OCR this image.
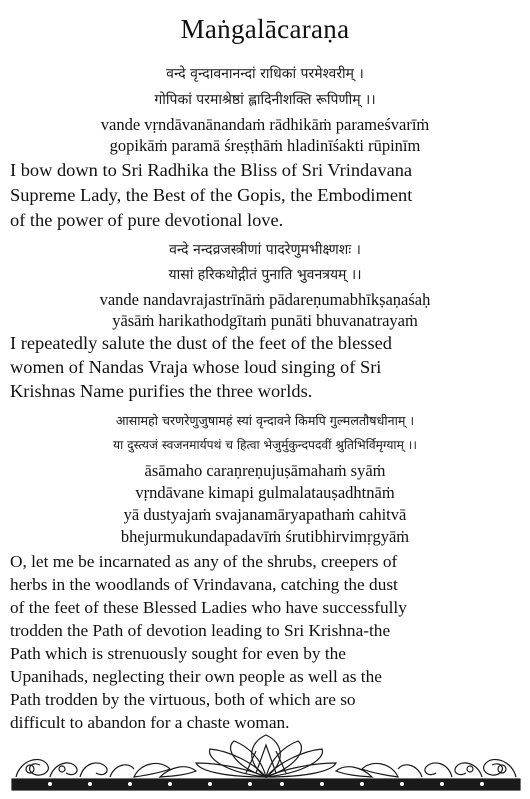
Maṅgalācaraṇa
वन्दे वृन्दावनानन्दां राधिकां परमेश्वरीम् ।
गोपिकां परमाश्रेष्ठां ह्लादिनीशक्ति रूपिणीम् ।।
vande vṛndāvanānandaṁ rādhikāṁ parameśvarīṁ
gopikāṁ paramā śreṣṭhāṁ hladinīśakti rūpinīm
I bow down to Sri Radhika the Bliss of Sri Vrindavana
Supreme Lady, the Best of the Gopis, the Embodiment
of the power of pure devotional love.
वन्दे नन्दव्रजस्त्रीणां पादरेणुमभीक्ष्णशः ।
यासां हरिकथोद्गीतं पुनाति भुवनत्रयम् ।।
vande nandavrajastrīnāṁ pādareṇumabhīkṣaṇaśaḥ
yāsāṁ harikathodgītaṁ punāti bhuvanatrayaṁ
I repeatedly salute the dust of the feet of the blessed
women of Nandas Vraja whose loud singing of Sri
Krishnas Name purifies the three worlds.
आसामहो चरणरेणुजुषामहं स्यां वृन्दावने किमपि गुल्मलतौषधीनाम् ।
या दुस्त्यजं स्वजनमार्यपथं च हित्वा भेजुर्मुकुन्दपदवीं श्रुतिभिर्विमृग्याम् ।।
āsāmaho caraṇreṇujuṣāmahaṁ syāṁ
vṛndāvane kimapi gulmalatauṣadhtnāṁ
yā dustyajaṁ svajanamāryapathaṁ cahitvā
bhejurmukundapadavīṁ śrutibhirvimṛgyāṁ
O, let me be incarnated as any of the shrubs, creepers of
herbs in the woodlands of Vrindavana, catching the dust
of the feet of these Blessed Ladies who have successfully
trodden the Path of devotion leading to Sri Krishna-the
Path which is strenuously sought for even by the
Upanihads, neglecting their own people as well as the
Path trodden by the virtuous, both of which are so
difficult to abandon for a chaste woman.
